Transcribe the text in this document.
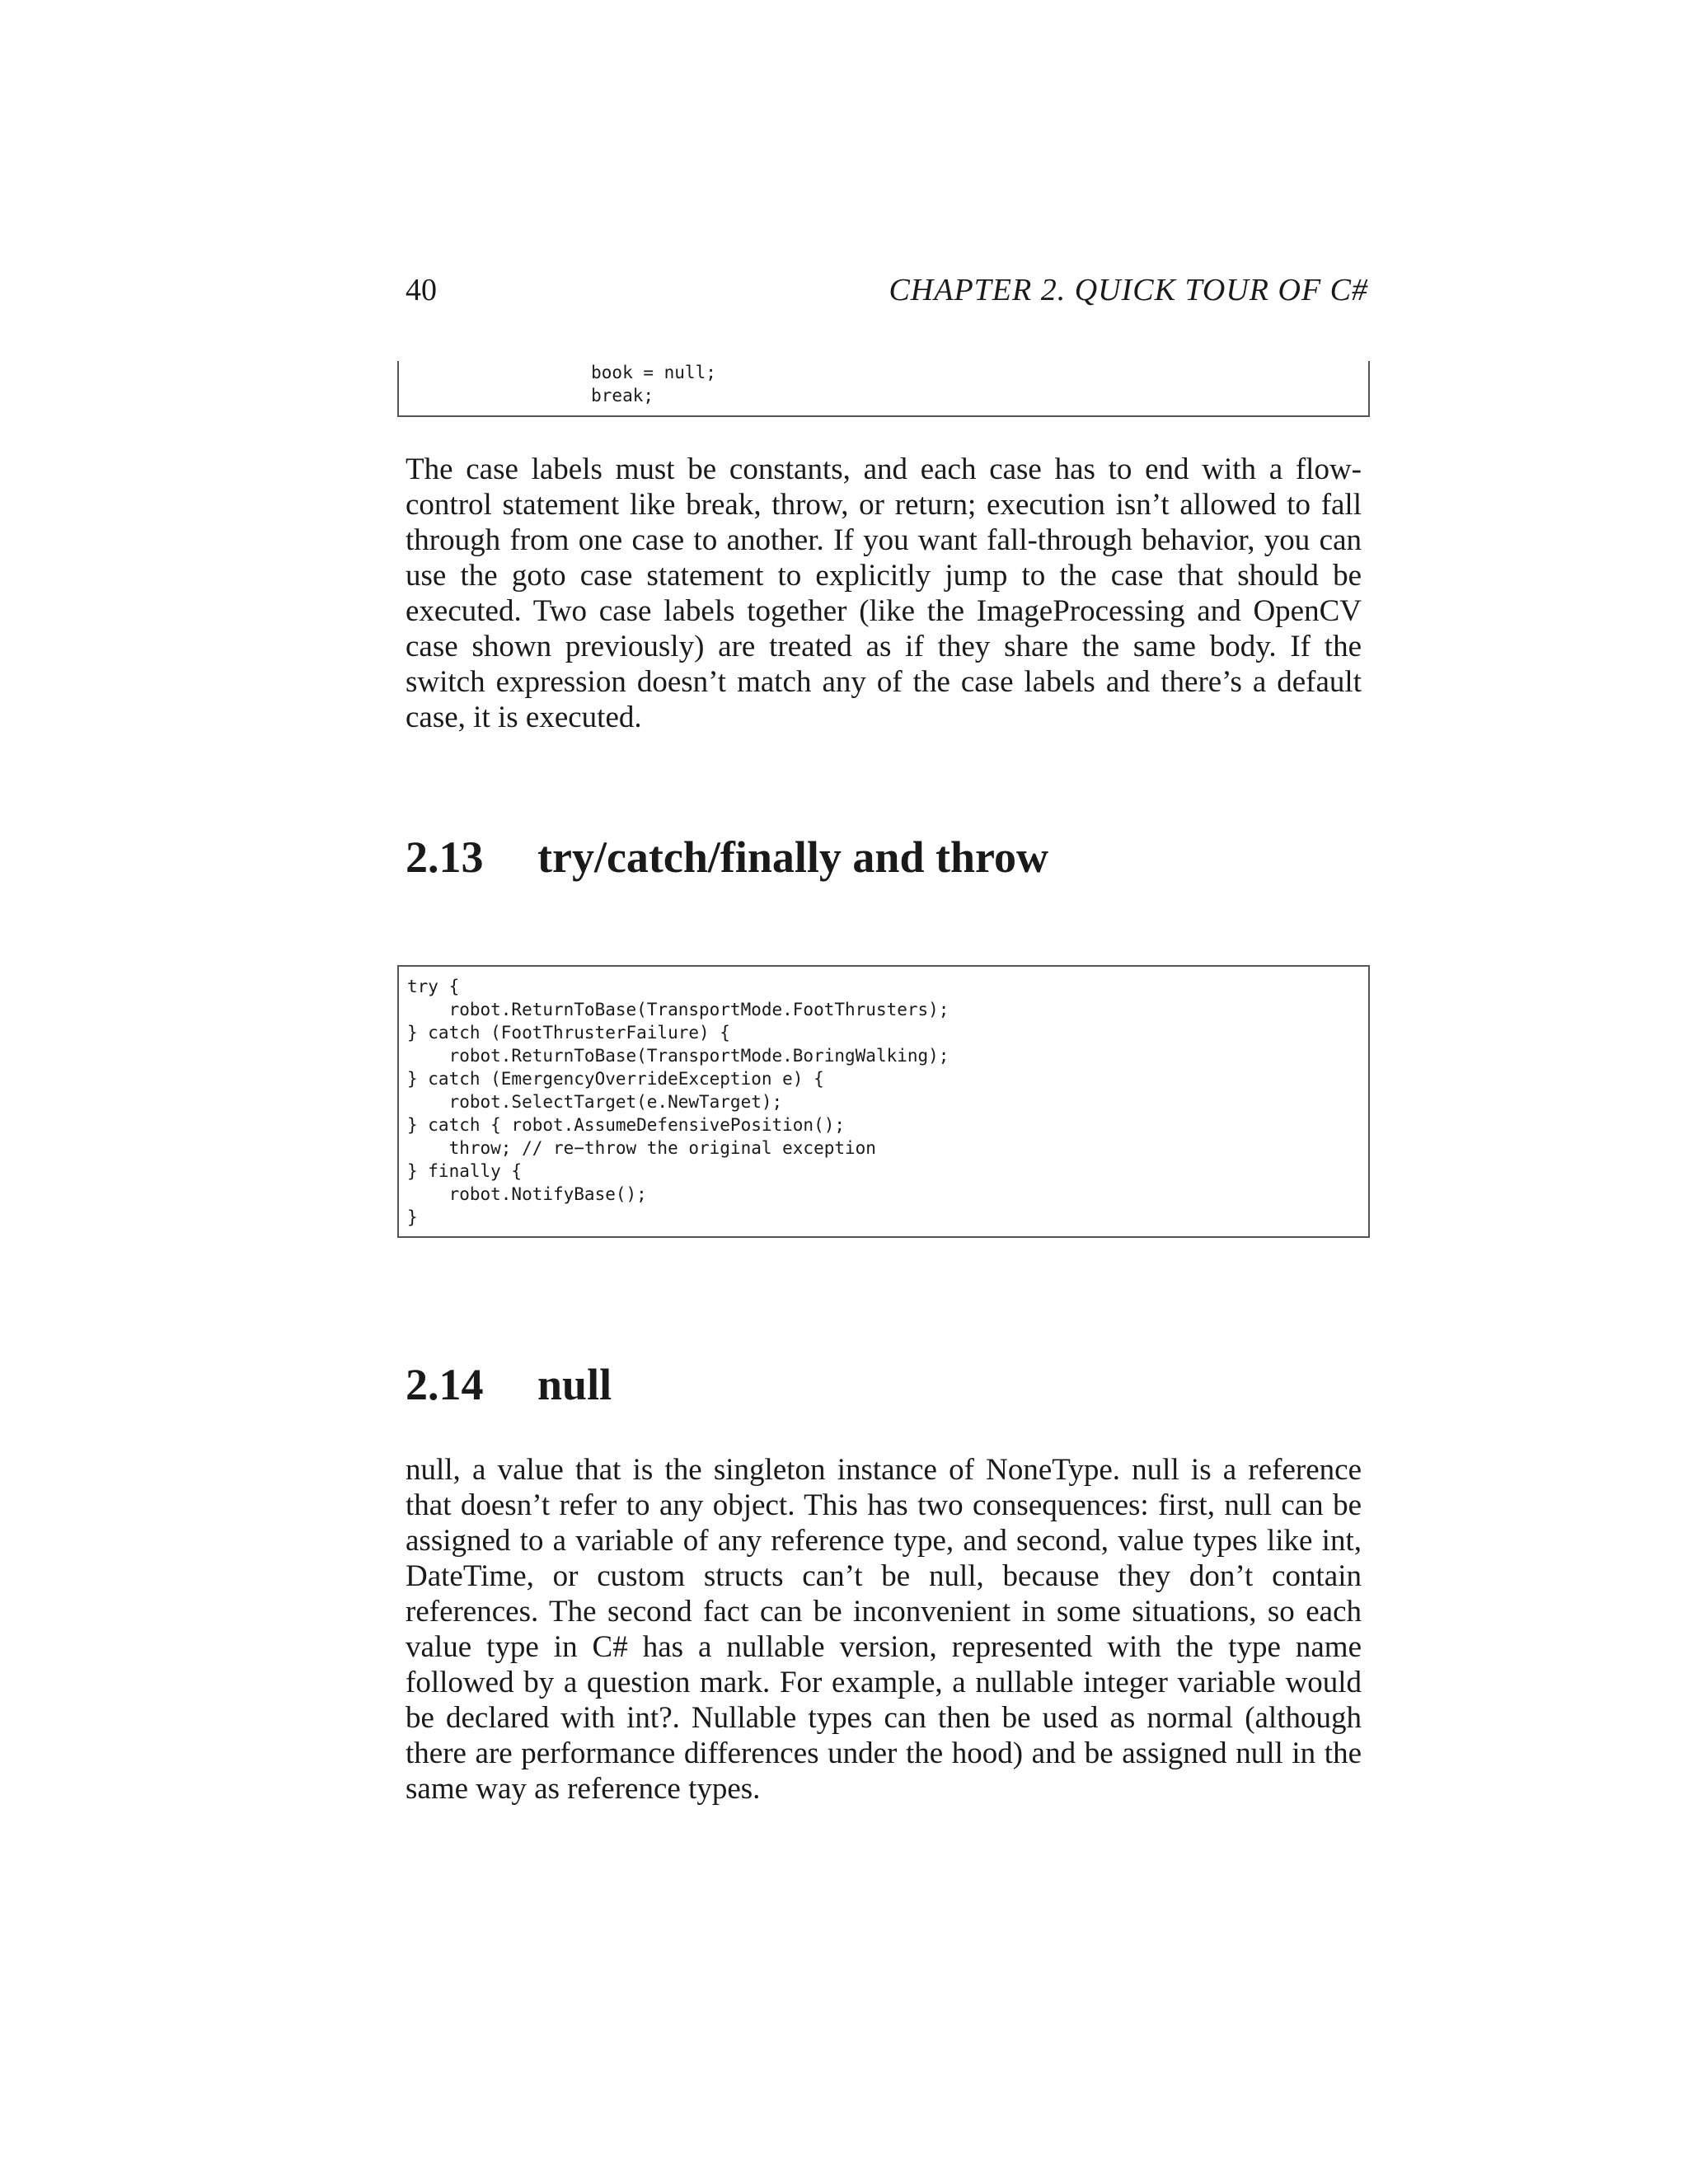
40	CHAPTER 2. QUICK TOUR OF C#
book = null;
break;

The case labels must be constants, and each case has to end with a flow-control statement like break, throw, or return; execution isn’t allowed to fall through from one case to another. If you want fall-through behavior, you can use the goto case statement to explicitly jump to the case that should be executed. Two case labels together (like the ImageProcessing and OpenCV case shown previously) are treated as if they share the same body. If the switch expression doesn’t match any of the case labels and there’s a default case, it is executed.

2.13 try/catch/finally and throw
try {
robot.ReturnToBase(TransportMode.FootThrusters);
} catch (FootThrusterFailure) {
robot.ReturnToBase(TransportMode.BoringWalking);
} catch (EmergencyOverrideException e) {
robot.SelectTarget(e.NewTarget);
} catch { robot.AssumeDefensivePosition();
throw; // re−throw the original exception
} finally {
robot.NotifyBase();
}
2.14 null

null, a value that is the singleton instance of NoneType. null is a reference that doesn’t refer to any object. This has two consequences: first, null can be assigned to a variable of any reference type, and second, value types like int, DateTime, or custom structs can’t be null, because they don’t contain references. The second fact can be inconvenient in some situations, so each value type in C# has a nullable version, represented with the type name followed by a question mark. For example, a nullable integer variable would be declared with int?. Nullable types can then be used as normal (although there are performance differences under the hood) and be assigned null in the same way as reference types.
